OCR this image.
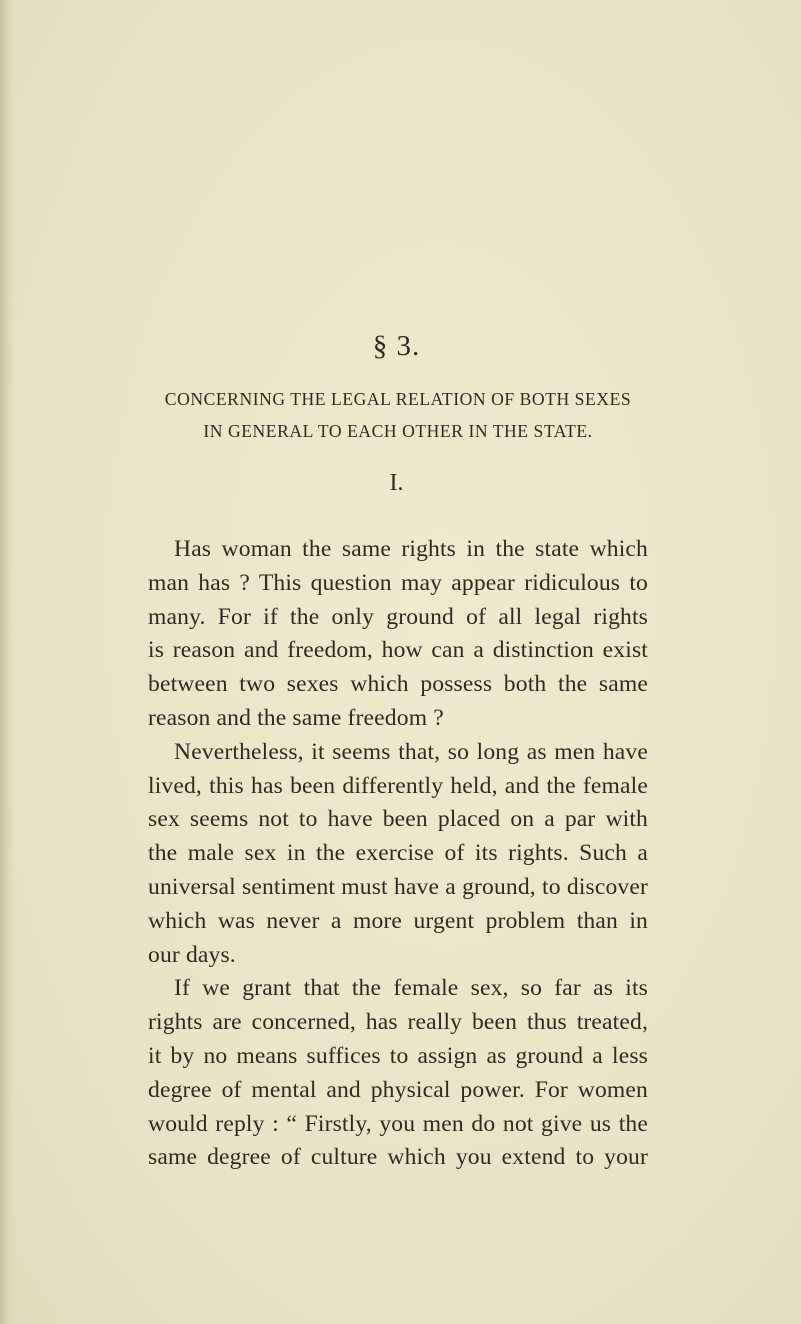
§ 3.
CONCERNING THE LEGAL RELATION OF BOTH SEXES
IN GENERAL TO EACH OTHER IN THE STATE.
I.
Has woman the same rights in the state which
man has ? This question may appear ridiculous to
many. For if the only ground of all legal rights
is reason and freedom, how can a distinction exist
between two sexes which possess both the same
reason and the same freedom ?
Nevertheless, it seems that, so long as men have
lived, this has been differently held, and the female
sex seems not to have been placed on a par with
the male sex in the exercise of its rights. Such a
universal sentiment must have a ground, to discover
which was never a more urgent problem than in
our days.
If we grant that the female sex, so far as its
rights are concerned, has really been thus treated,
it by no means suffices to assign as ground a less
degree of mental and physical power. For women
would reply : “ Firstly, you men do not give us the
same degree of culture which you extend to your
